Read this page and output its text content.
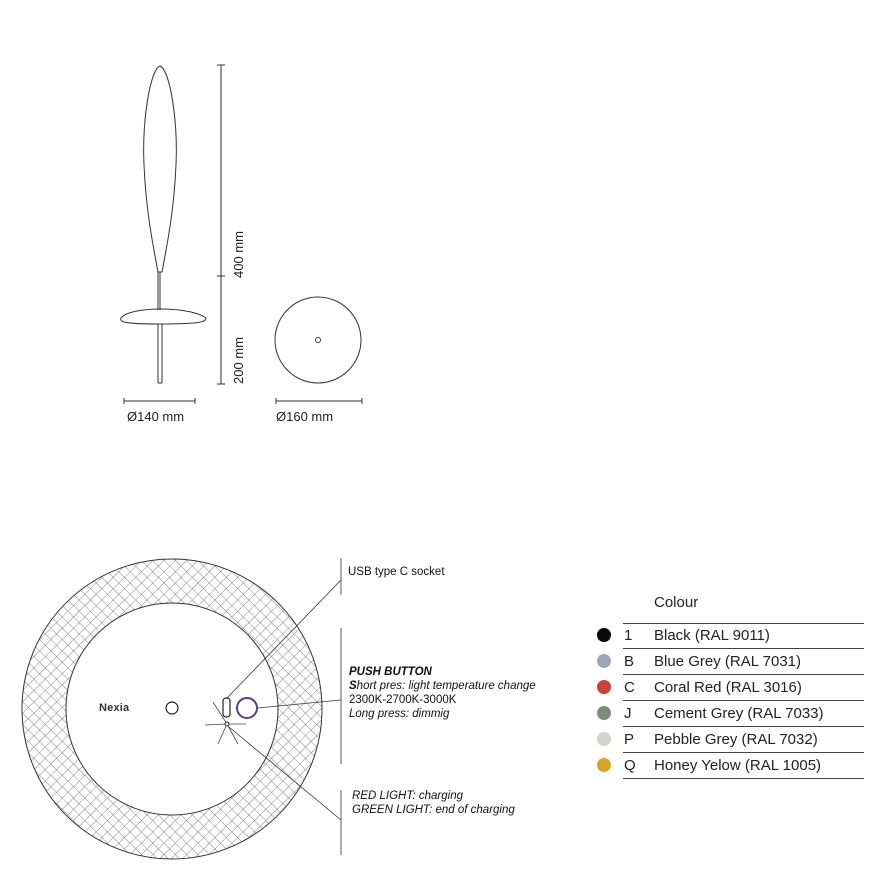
400 mm
200 mm
Ø140 mm	Ø160 mm
Nexia
USB type C socket
PUSH BUTTON
Short pres: light temperature change
2300K-2700K-3000K
Long press: dimmig
RED LIGHT: charging
GREEN LIGHT: end of charging
Colour
1	Black (RAL 9011)
B	Blue Grey (RAL 7031)
C	Coral Red (RAL 3016)
J	Cement Grey (RAL 7033)
P	Pebble Grey (RAL 7032)
Q	Honey Yelow (RAL 1005)
